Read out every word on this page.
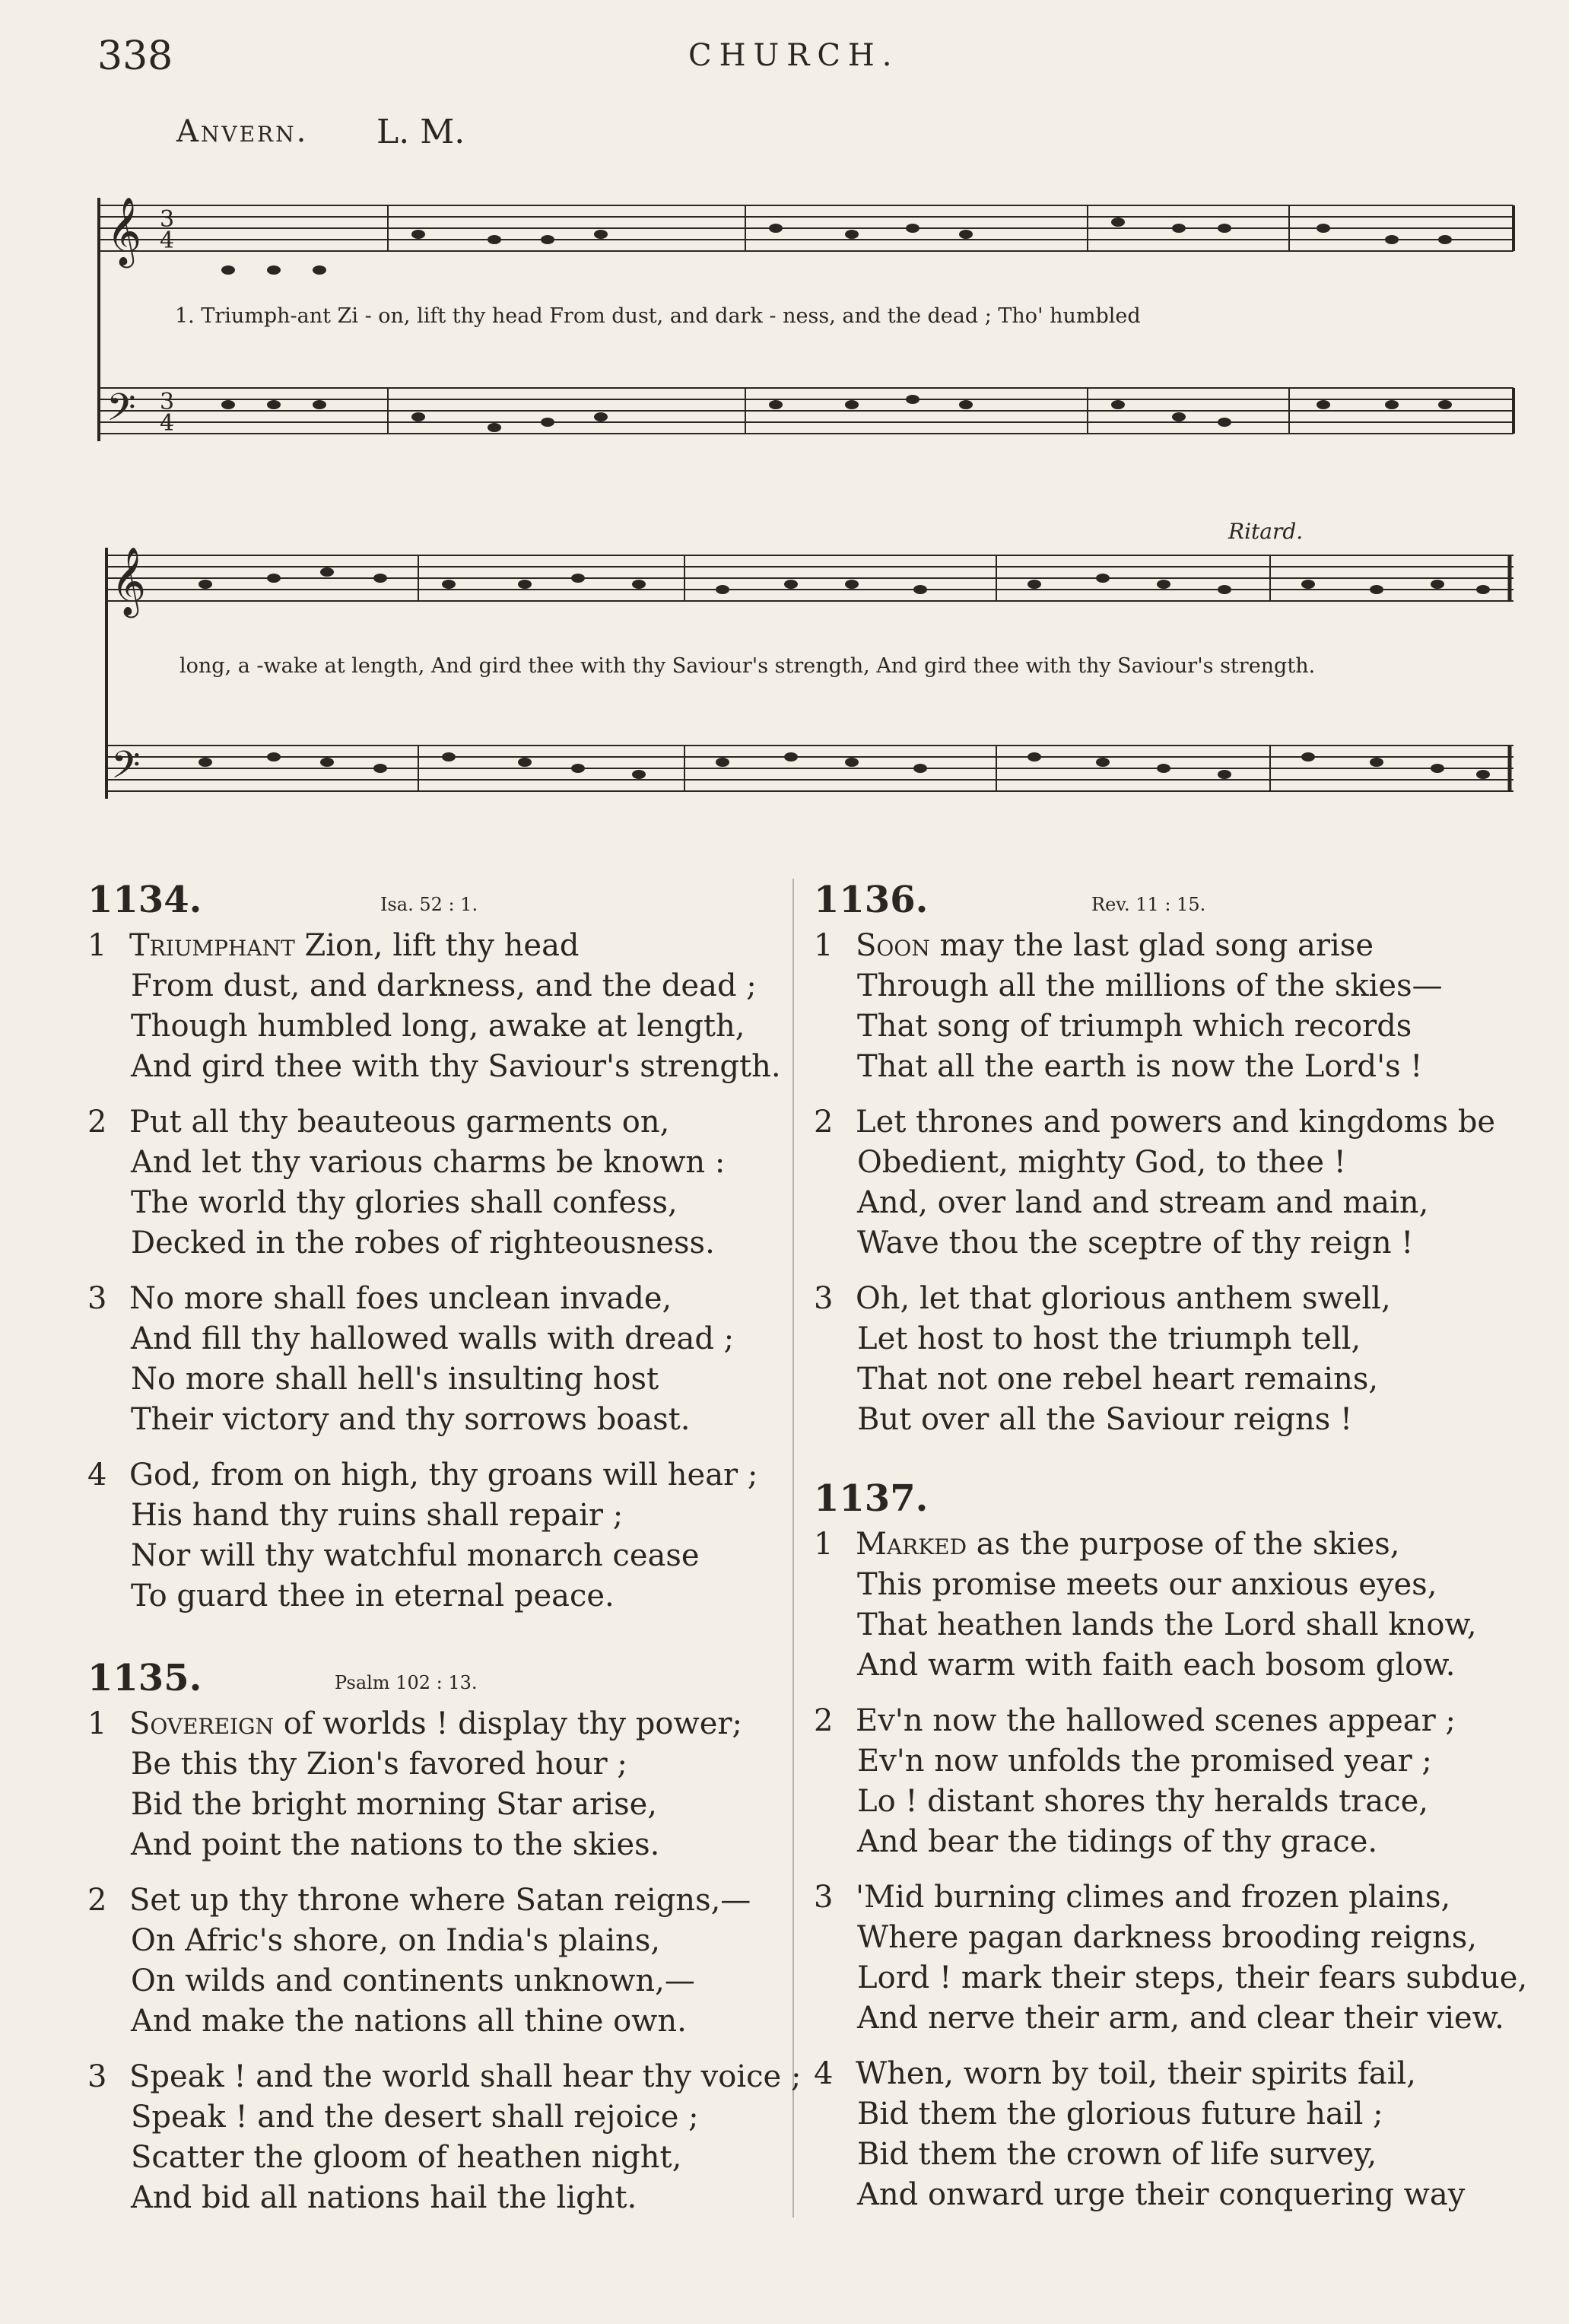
338	CHURCH.
Anvern. L. M.
𝄞
𝄢
3
4
3
4
1. Triumph-ant Zi - on, lift thy head From dust, and dark - ness, and the dead ; Tho' humbled
𝄞
𝄢
Ritard.
long, a -wake at length, And gird thee with thy Saviour's strength, And gird thee with thy Saviour's strength.
1134.	Isa. 52 : 1.
1 Triumphant Zion, lift thy head
From dust, and darkness, and the dead ;
Though humbled long, awake at length,
And gird thee with thy Saviour's strength.
2 Put all thy beauteous garments on,
And let thy various charms be known :
The world thy glories shall confess,
Decked in the robes of righteousness.
3 No more shall foes unclean invade,
And fill thy hallowed walls with dread ;
No more shall hell's insulting host
Their victory and thy sorrows boast.
4 God, from on high, thy groans will hear ;
His hand thy ruins shall repair ;
Nor will thy watchful monarch cease
To guard thee in eternal peace.
1135.	Psalm 102 : 13.
1 Sovereign of worlds ! display thy power;
Be this thy Zion's favored hour ;
Bid the bright morning Star arise,
And point the nations to the skies.
2 Set up thy throne where Satan reigns,—
On Afric's shore, on India's plains,
On wilds and continents unknown,—
And make the nations all thine own.
3 Speak ! and the world shall hear thy voice ;
Speak ! and the desert shall rejoice ;
Scatter the gloom of heathen night,
And bid all nations hail the light.
1136.	Rev. 11 : 15.
1 Soon may the last glad song arise
Through all the millions of the skies—
That song of triumph which records
That all the earth is now the Lord's !
2 Let thrones and powers and kingdoms be
Obedient, mighty God, to thee !
And, over land and stream and main,
Wave thou the sceptre of thy reign !
3 Oh, let that glorious anthem swell,
Let host to host the triumph tell,
That not one rebel heart remains,
But over all the Saviour reigns !
1137.
1 Marked as the purpose of the skies,
This promise meets our anxious eyes,
That heathen lands the Lord shall know,
And warm with faith each bosom glow.
2 Ev'n now the hallowed scenes appear ;
Ev'n now unfolds the promised year ;
Lo ! distant shores thy heralds trace,
And bear the tidings of thy grace.
3 'Mid burning climes and frozen plains,
Where pagan darkness brooding reigns,
Lord ! mark their steps, their fears subdue,
And nerve their arm, and clear their view.
4 When, worn by toil, their spirits fail,
Bid them the glorious future hail ;
Bid them the crown of life survey,
And onward urge their conquering way
